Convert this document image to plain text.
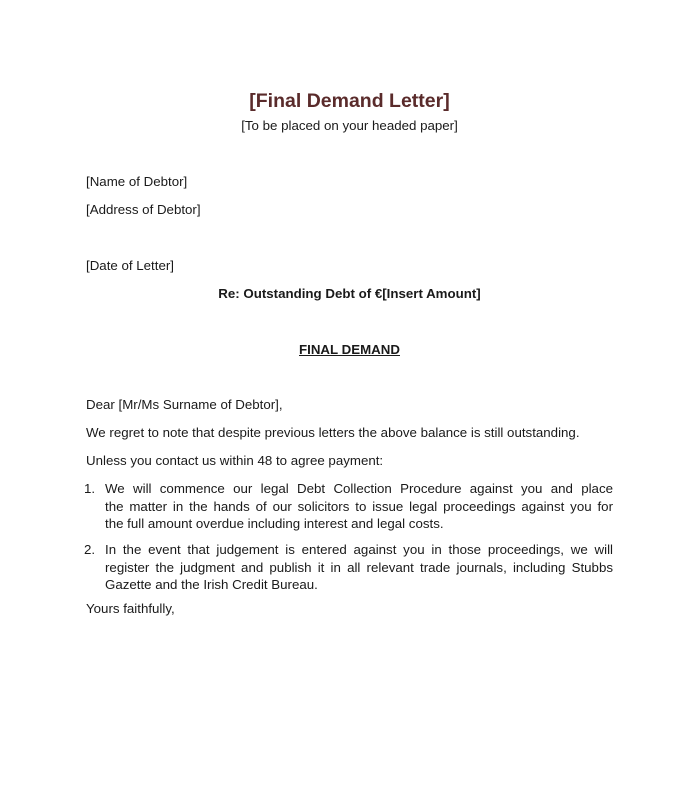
[Final Demand Letter]
[To be placed on your headed paper]
[Name of Debtor]
[Address of Debtor]
[Date of Letter]
Re: Outstanding Debt of €[Insert Amount]
FINAL DEMAND
Dear [Mr/Ms Surname of Debtor],
We regret to note that despite previous letters the above balance is still outstanding.
Unless you contact us within 48 to agree payment:
1. We will commence our legal Debt Collection Procedure against you and place
the matter in the hands of our solicitors to issue legal proceedings against you for
the full amount overdue including interest and legal costs.
2. In the event that judgement is entered against you in those proceedings, we will
register the judgment and publish it in all relevant trade journals, including Stubbs
Gazette and the Irish Credit Bureau.
Yours faithfully,
